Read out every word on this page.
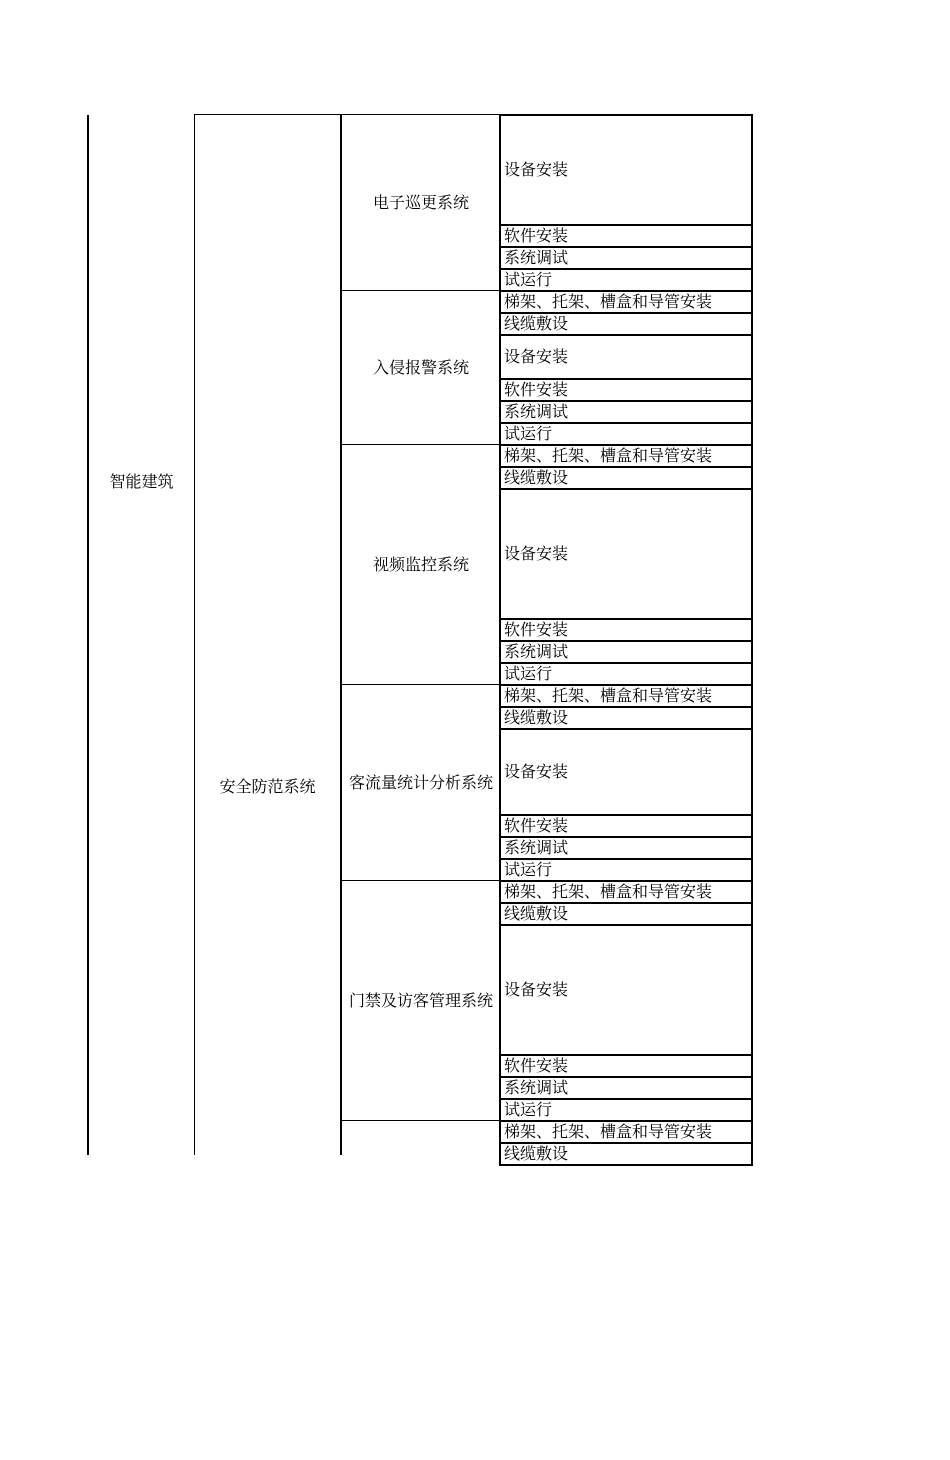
智能建筑
安全防范系统
电子巡更系统
设备安装
软件安装
系统调试
试运行
入侵报警系统
梯架、托架、槽盒和导管安装
线缆敷设
设备安装
软件安装
系统调试
试运行
视频监控系统
梯架、托架、槽盒和导管安装
线缆敷设
设备安装
软件安装
系统调试
试运行
客流量统计分析系统
梯架、托架、槽盒和导管安装
线缆敷设
设备安装
软件安装
系统调试
试运行
门禁及访客管理系统
梯架、托架、槽盒和导管安装
线缆敷设
设备安装
软件安装
系统调试
试运行
梯架、托架、槽盒和导管安装
线缆敷设
